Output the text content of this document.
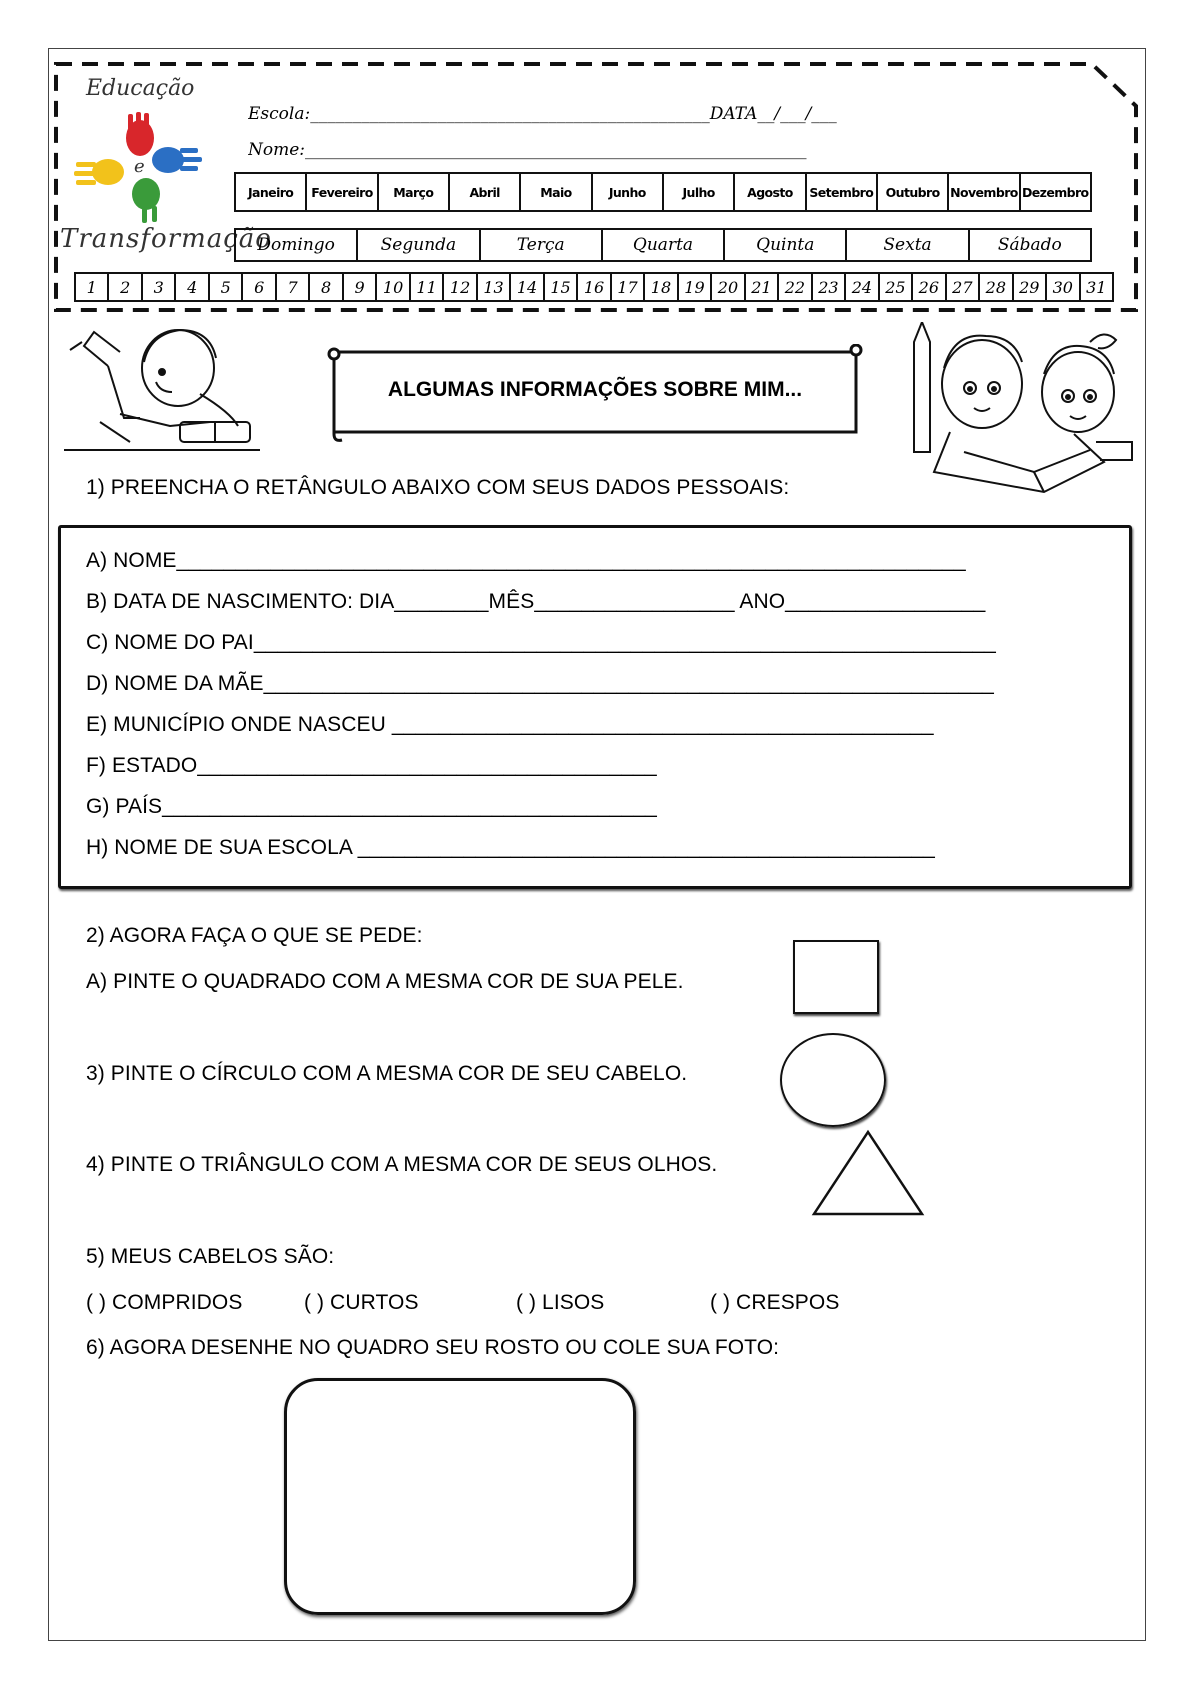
Educação
e
Transformação
Escola:_______________________________________________DATA__/___/___
Nome:___________________________________________________________
Janeiro	Fevereiro	Março	Abril	Maio	Junho	Julho	Agosto	Setembro Outubro Novembro Dezembro
Domingo	Segunda	Terça	Quarta	Quinta	Sexta	Sábado
1	2	3	4	5	6	7	8	9	10 11 12 13 14 15 16 17 18 19 20 21 22 23 24 25 26 27 28 29 30 31
ALGUMAS INFORMAÇÕES SOBRE MIM...
1) PREENCHA O RETÂNGULO ABAIXO COM SEUS DADOS PESSOAIS:
A) NOME___________________________________________________________________
B) DATA DE NASCIMENTO: DIA________MÊS_________________ ANO_________________
C) NOME DO PAI_______________________________________________________________
D) NOME DA MÃE______________________________________________________________
E) MUNICÍPIO ONDE NASCEU ______________________________________________
F) ESTADO_______________________________________
G) PAÍS__________________________________________
H) NOME DE SUA ESCOLA _________________________________________________
2) AGORA FAÇA O QUE SE PEDE:
A) PINTE O QUADRADO COM A MESMA COR DE SUA PELE.
3) PINTE O CÍRCULO COM A MESMA COR DE SEU CABELO.
4) PINTE O TRIÂNGULO COM A MESMA COR DE SEUS OLHOS.
5) MEUS CABELOS SÃO:
( ) COMPRIDOS	( ) CURTOS	( ) LISOS	( ) CRESPOS
6) AGORA DESENHE NO QUADRO SEU ROSTO OU COLE SUA FOTO:
